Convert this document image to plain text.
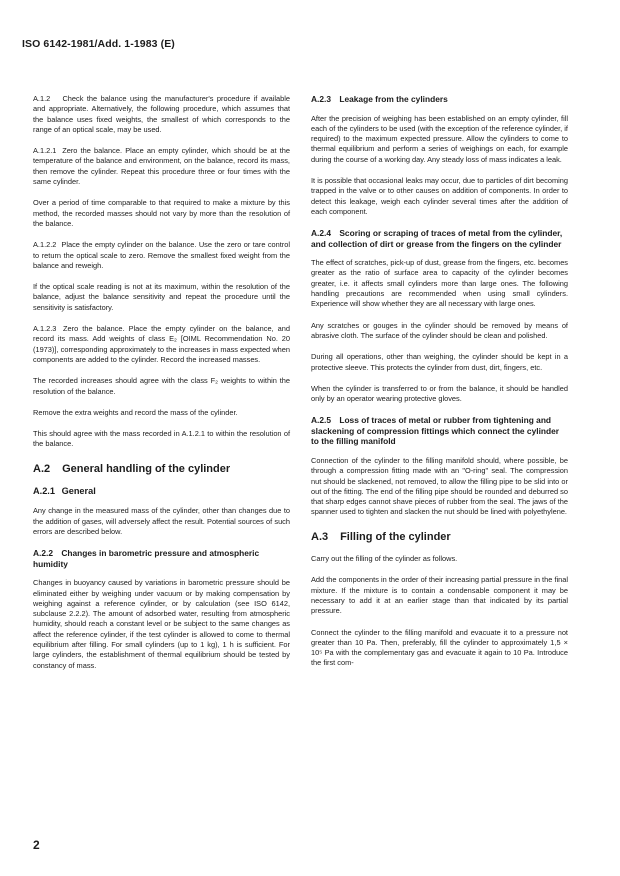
ISO 6142-1981/Add. 1-1983 (E)

A.1.2 Check the balance using the manufacturer's procedure if available and appropriate. Alternatively, the following procedure, which assumes that the balance uses fixed weights, the smallest of which corresponds to the range of an optical scale, may be used.

A.1.2.1 Zero the balance. Place an empty cylinder, which should be at the temperature of the balance and environment, on the balance, record its mass, then remove the cylinder. Repeat this procedure three or four times with the same cylinder.

Over a period of time comparable to that required to make a mixture by this method, the recorded masses should not vary by more than the resolution of the balance.

A.1.2.2 Place the empty cylinder on the balance. Use the zero or tare control to return the optical scale to zero. Remove the smallest fixed weight from the balance and reweigh.

If the optical scale reading is not at its maximum, within the resolution of the balance, adjust the balance sensitivity and repeat the procedure until the sensitivity is satisfactory.

A.1.2.3 Zero the balance. Place the empty cylinder on the balance, and record its mass. Add weights of class E₂ [OIML Recommendation No. 20 (1973)], corresponding approximately to the increases in mass expected when components are added to the cylinder. Record the increased masses.

The recorded increases should agree with the class F₂ weights to within the resolution of the balance.

Remove the extra weights and record the mass of the cylinder.

This should agree with the mass recorded in A.1.2.1 to within the resolution of the balance.

A.2 General handling of the cylinder
A.2.1 General

Any change in the measured mass of the cylinder, other than changes due to the addition of gases, will adversely affect the result. Potential sources of such errors are described below.

A.2.2 Changes in barometric pressure and atmospheric humidity

Changes in buoyancy caused by variations in barometric pressure should be eliminated either by weighing under vacuum or by making compensation by weighing against a reference cylinder, or by calculation (see ISO 6142, subclause 2.2.2). The amount of adsorbed water, resulting from atmospheric humidity, should reach a constant level or be subject to the same changes as affect the reference cylinder, if the test cylinder is allowed to come to thermal equilibrium after filling. For small cylinders (up to 1 kg), 1 h is sufficient. For large cylinders, the establishment of thermal equilibrium should be tested by constancy of mass.

A.2.3 Leakage from the cylinders

After the precision of weighing has been established on an empty cylinder, fill each of the cylinders to be used (with the exception of the reference cylinder, if required) to the maximum expected pressure. Allow the cylinders to come to thermal equilibrium and perform a series of weighings on each, for example during the course of a working day. Any steady loss of mass indicates a leak.

It is possible that occasional leaks may occur, due to particles of dirt becoming trapped in the valve or to other causes on addition of components. In order to detect this leakage, weigh each cylinder several times after the addition of each component.

A.2.4 Scoring or scraping of traces of metal from the cylinder, and collection of dirt or grease from the fingers on the cylinder

The effect of scratches, pick-up of dust, grease from the fingers, etc. becomes greater as the ratio of surface area to capacity of the cylinder becomes greater, i.e. it affects small cylinders more than large ones. The following handling precautions are recommended when using small cylinders. Experience will show whether they are all necessary with large ones.

Any scratches or gouges in the cylinder should be removed by means of abrasive cloth. The surface of the cylinder should be clean and polished.

During all operations, other than weighing, the cylinder should be kept in a protective sleeve. This protects the cylinder from dust, dirt, fingers, etc.

When the cylinder is transferred to or from the balance, it should be handled only by an operator wearing protective gloves.

A.2.5 Loss of traces of metal or rubber from tightening and slackening of compression fittings which connect the cylinder to the filling manifold

Connection of the cylinder to the filling manifold should, where possible, be through a compression fitting made with an "O-ring" seal. The compression nut should be slackened, not removed, to allow the filling pipe to be slid into or out of the fitting. The end of the filling pipe should be rounded and deburred so that sharp edges cannot shave pieces of rubber from the seal. The jaws of the spanner used to tighten and slacken the nut should be lined with polyethylene.

A.3 Filling of the cylinder

Carry out the filling of the cylinder as follows.

Add the components in the order of their increasing partial pressure in the final mixture. If the mixture is to contain a condensable component it may be necessary to add it at an earlier stage than that indicated by its partial pressure.

Connect the cylinder to the filling manifold and evacuate it to a pressure not greater than 10 Pa. Then, preferably, fill the cylinder to approximately 1,5 × 10⁵ Pa with the complementary gas and evacuate it again to 10 Pa. Introduce the first com-

2
